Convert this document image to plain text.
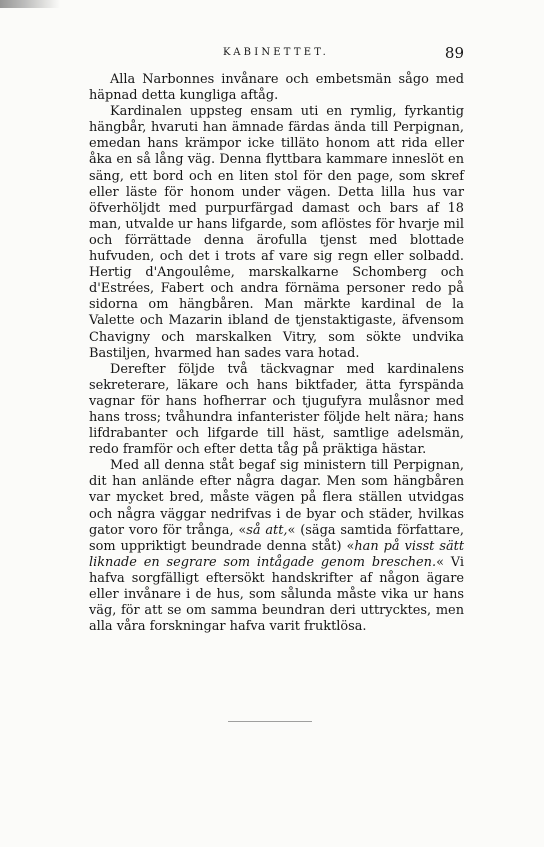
KABINETTET.	89

Alla Narbonnes invånare och embetsmän sågo med häpnad detta kungliga aftåg.

Kardinalen uppsteg ensam uti en rymlig, fyrkantig hängbår, hvaruti han ämnade färdas ända till Perpignan, emedan hans krämpor icke tilläto honom att rida eller åka en så lång väg. Denna flyttbara kammare inneslöt en säng, ett bord och en liten stol för den page, som skref eller läste för honom under vägen. Detta lilla hus var öfverhöljdt med purpurfärgad damast och bars af 18 man, utvalde ur hans lifgarde, som aflöstes för hvarje mil och förrättade denna ärofulla tjenst med blottade hufvuden, och det i trots af vare sig regn eller solbadd. Hertig d'Angoulême, marskalkarne Schomberg och d'Estrées, Fabert och andra förnäma personer redo på sidorna om hängbåren. Man märkte kardinal de la Valette och Mazarin ibland de tjenstaktigaste, äfvensom Chavigny och marskalken Vitry, som sökte undvika Bastiljen, hvarmed han sades vara hotad.

Derefter följde två täckvagnar med kardinalens sekreterare, läkare och hans biktfader, ätta fyrspända vagnar för hans hofherrar och tjugufyra mulåsnor med hans tross; tvåhundra infanterister följde helt nära; hans lifdrabanter och lifgarde till häst, samtlige adelsmän, redo framför och efter detta tåg på präktiga hästar.

Med all denna ståt begaf sig ministern till Perpignan, dit han anlände efter några dagar. Men som hängbåren var mycket bred, måste vägen på flera ställen utvidgas och några väggar nedrifvas i de byar och städer, hvilkas gator voro för trånga, «så att,« (säga samtida författare, som uppriktigt beundrade denna ståt) «han på visst sätt liknade en segrare som intågade genom breschen.« Vi hafva sorgfälligt eftersökt handskrifter af någon ägare eller invånare i de hus, som sålunda måste vika ur hans väg, för att se om samma beundran deri uttrycktes, men alla våra forskningar hafva varit fruktlösa.
